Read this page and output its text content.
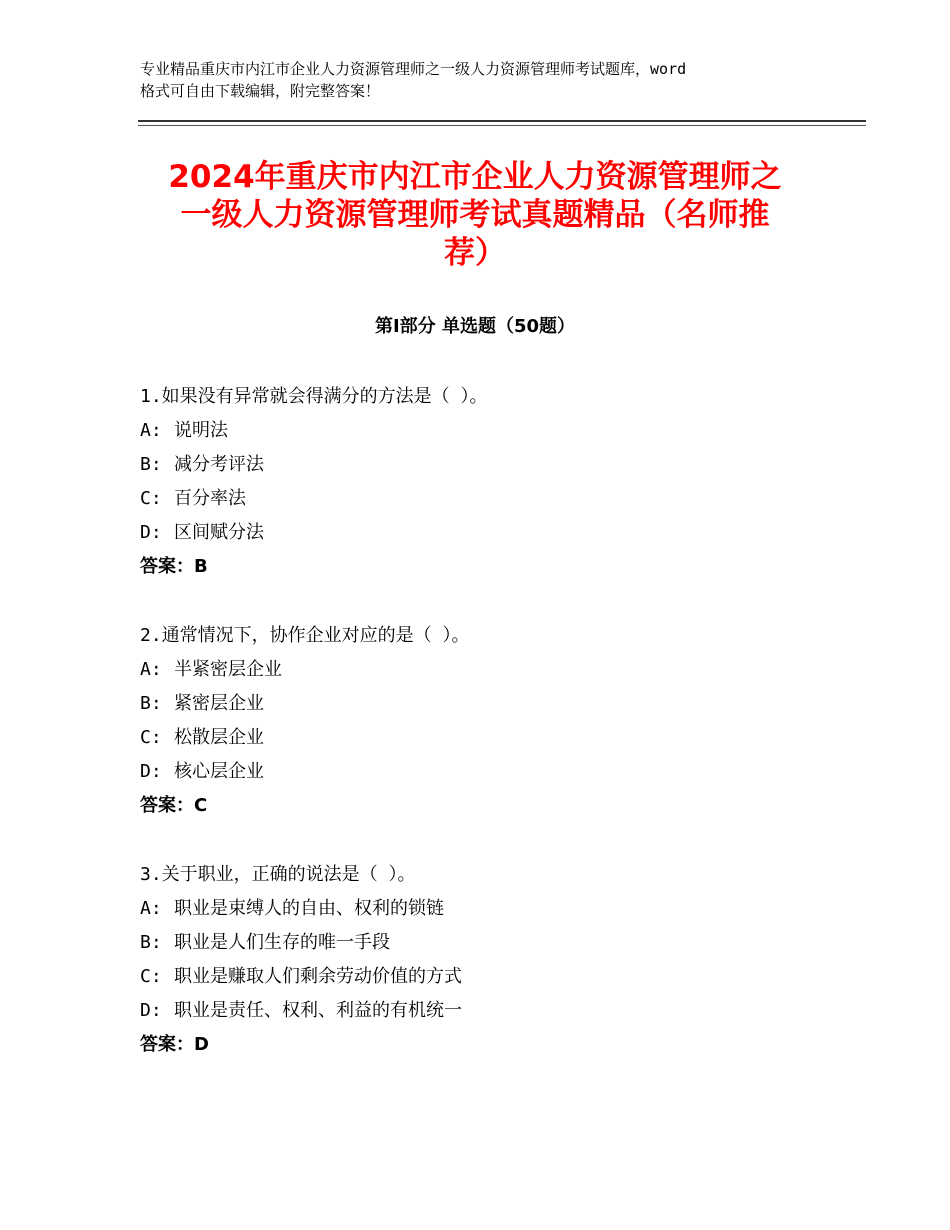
专业精品重庆市内江市企业人力资源管理师之一级人力资源管理师考试题库，word
格式可自由下载编辑，附完整答案！
2024年重庆市内江市企业人力资源管理师之
一级人力资源管理师考试真题精品（名师推
荐）
第Ⅰ部分 单选题（50题）
1.如果没有异常就会得满分的方法是（ ）。
A: 说明法
B: 减分考评法
C: 百分率法
D: 区间赋分法
答案：B
2.通常情况下，协作企业对应的是（ ）。
A: 半紧密层企业
B: 紧密层企业
C: 松散层企业
D: 核心层企业
答案：C
3.关于职业，正确的说法是（ ）。
A: 职业是束缚人的自由、权利的锁链
B: 职业是人们生存的唯一手段
C: 职业是赚取人们剩余劳动价值的方式
D: 职业是责任、权利、利益的有机统一
答案：D
